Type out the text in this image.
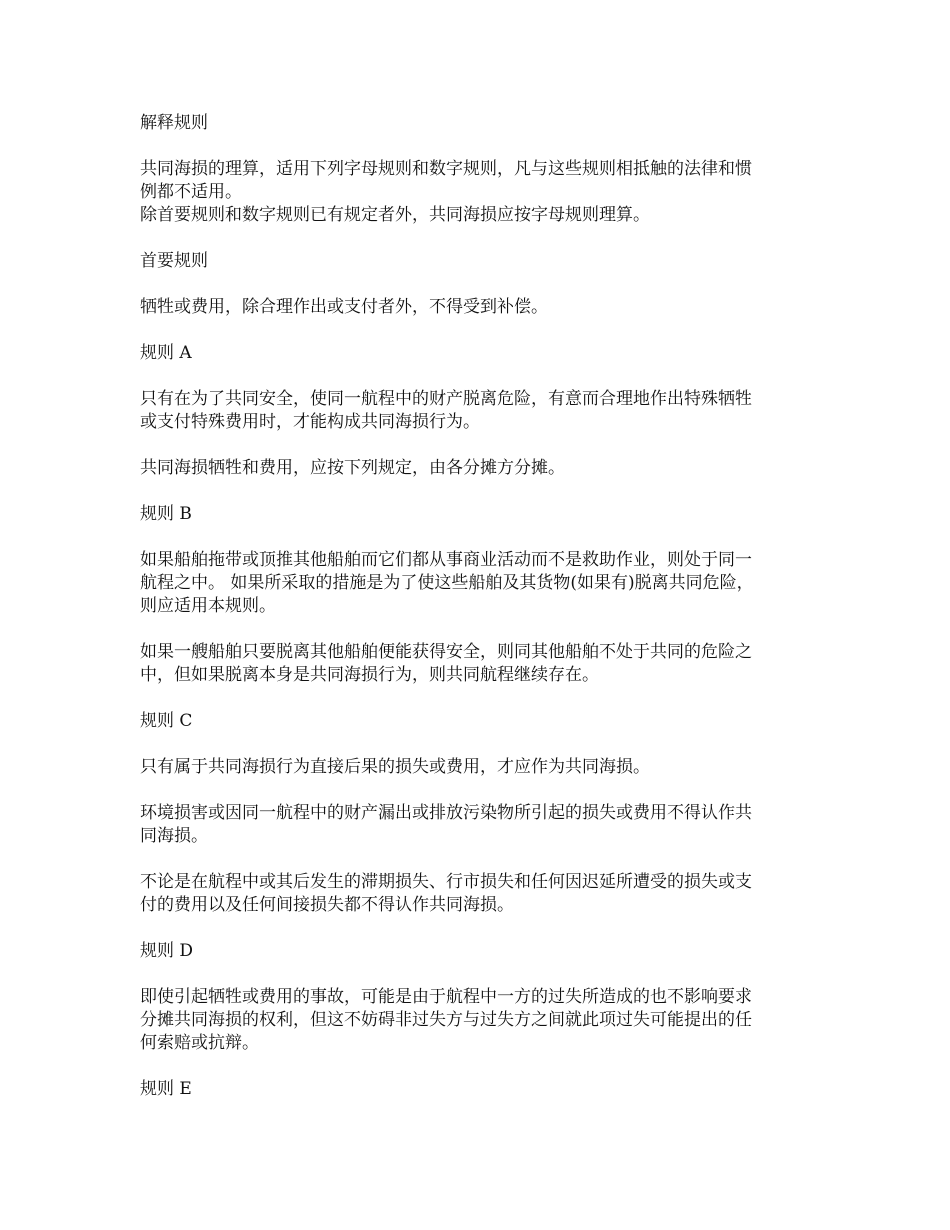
解释规则

共同海损的理算，适用下列字母规则和数字规则，凡与这些规则相抵触的法律和惯
例都不适用。
除首要规则和数字规则已有规定者外，共同海损应按字母规则理算。

首要规则

牺牲或费用，除合理作出或支付者外，不得受到补偿。

规则 A

只有在为了共同安全，使同一航程中的财产脱离危险，有意而合理地作出特殊牺牲
或支付特殊费用时，才能构成共同海损行为。

共同海损牺牲和费用，应按下列规定，由各分摊方分摊。

规则 B

如果船舶拖带或顶推其他船舶而它们都从事商业活动而不是救助作业，则处于同一
航程之中。 如果所采取的措施是为了使这些船舶及其货物(如果有)脱离共同危险，
则应适用本规则。

如果一艘船舶只要脱离其他船舶便能获得安全，则同其他船舶不处于共同的危险之
中，但如果脱离本身是共同海损行为，则共同航程继续存在。

规则 C

只有属于共同海损行为直接后果的损失或费用，才应作为共同海损。

环境损害或因同一航程中的财产漏出或排放污染物所引起的损失或费用不得认作共
同海损。

不论是在航程中或其后发生的滞期损失、行市损失和任何因迟延所遭受的损失或支
付的费用以及任何间接损失都不得认作共同海损。

规则 D

即使引起牺牲或费用的事故，可能是由于航程中一方的过失所造成的也不影响要求
分摊共同海损的权利，但这不妨碍非过失方与过失方之间就此项过失可能提出的任
何索赔或抗辩。

规则 E
